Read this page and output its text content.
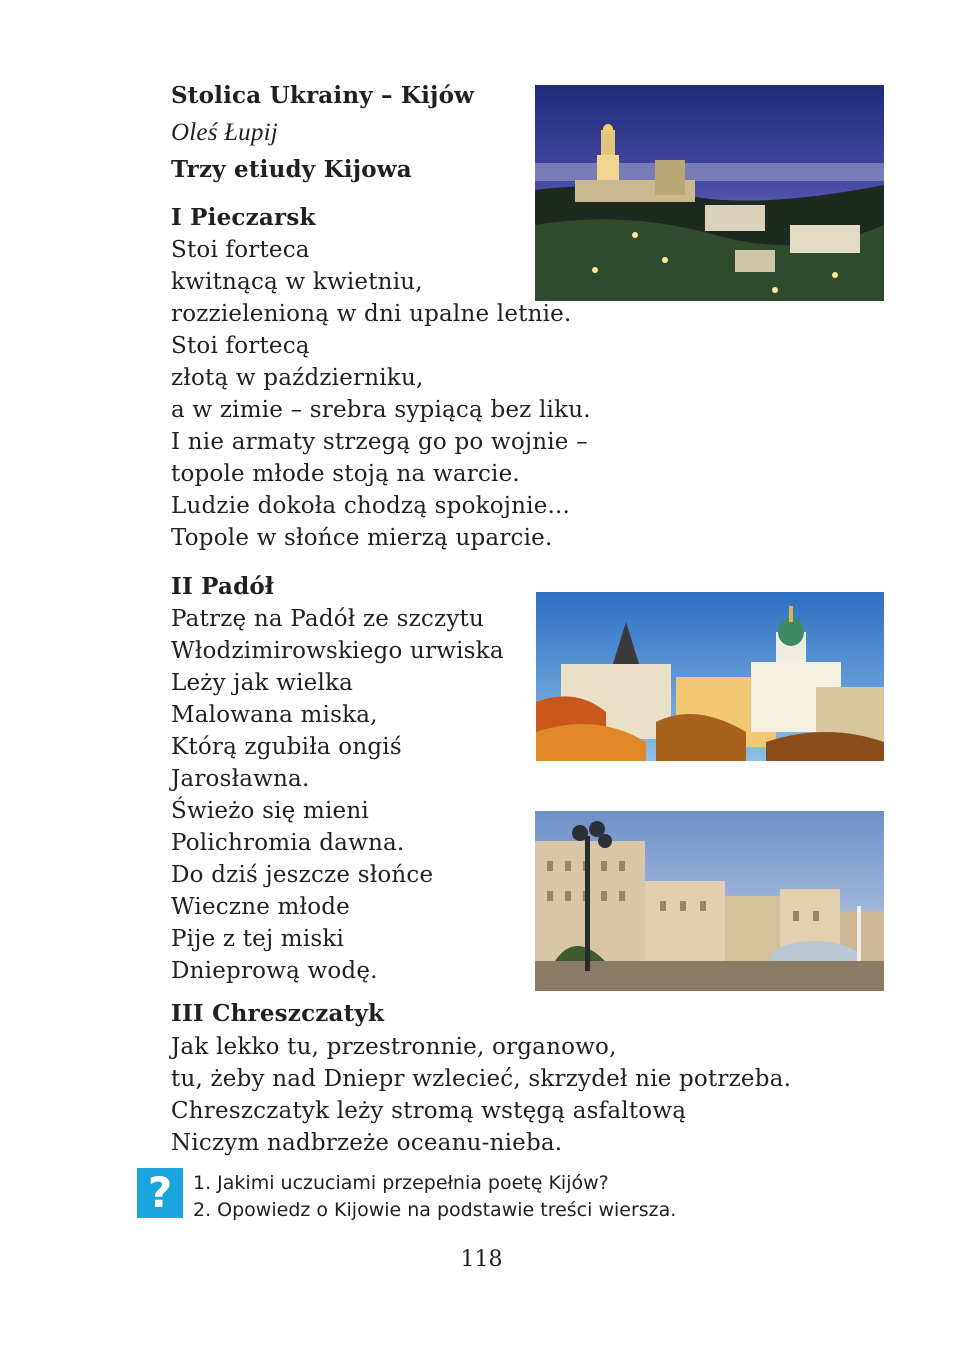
Stolica Ukrainy – Kijów
Oleś Łupij
Trzy etiudy Kijowa
I Pieczarsk
Stoi forteca
kwitnącą w kwietniu,
rozzielenioną w dni upalne letnie.
Stoi fortecą
złotą w październiku,
a w zimie – srebra sypiącą bez liku.
I nie armaty strzegą go po wojnie –
topole młode stoją na warcie.
Ludzie dokoła chodzą spokojnie...
Topole w słońce mierzą uparcie.
II Padół
Patrzę na Padół ze szczytu
Włodzimirowskiego urwiska
Leży jak wielka
Malowana miska,
Którą zgubiła ongiś
Jarosławna.
Świeżo się mieni
Polichromia dawna.
Do dziś jeszcze słońce
Wieczne młode
Pije z tej miski
Dnieprową wodę.
III Chreszczatyk
Jak lekko tu, przestronnie, organowo,
tu, żeby nad Dniepr wzlecieć, skrzydeł nie potrzeba.
Chreszczatyk leży stromą wstęgą asfaltową
Niczym nadbrzeże oceanu-nieba.
?	1. Jakimi uczuciami przepełnia poetę Kijów?
2. Opowiedz o Kijowie na podstawie treści wiersza.
118
